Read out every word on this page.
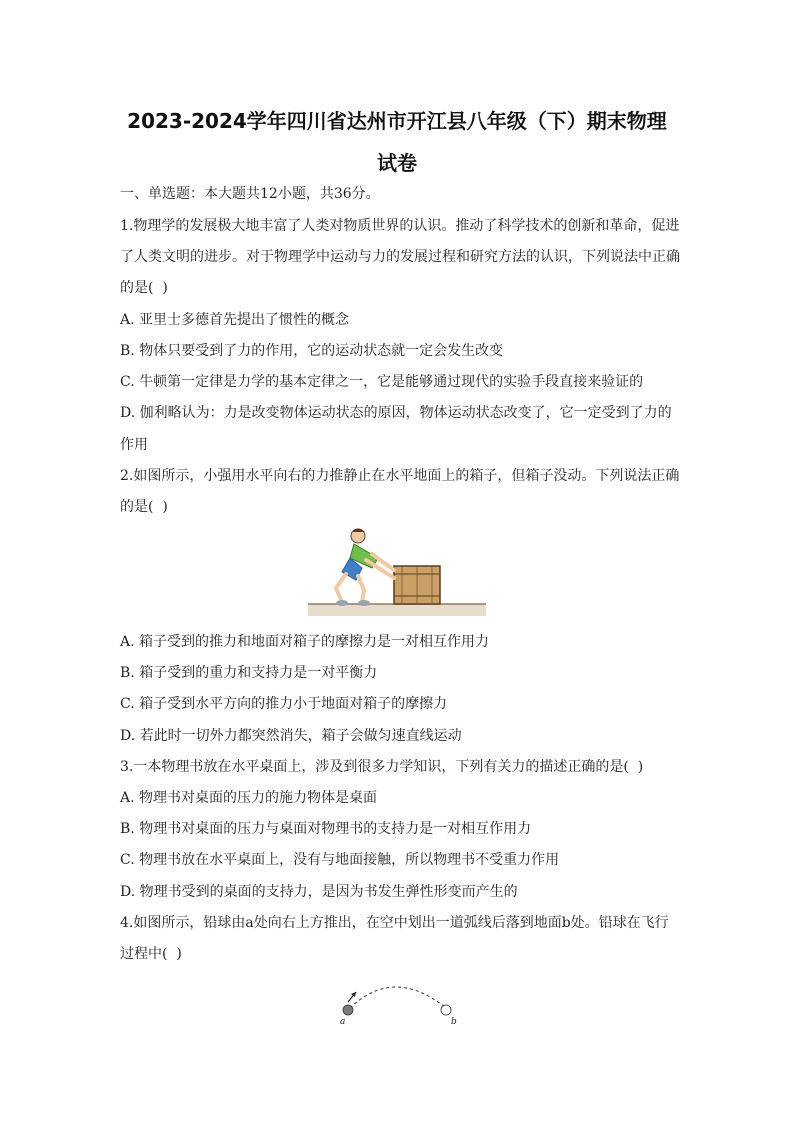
2023-2024学年四川省达州市开江县八年级（下）期末物理
试卷
一、单选题：本大题共12小题，共36分。
1.物理学的发展极大地丰富了人类对物质世界的认识。推动了科学技术的创新和革命，促进
了人类文明的进步。对于物理学中运动与力的发展过程和研究方法的认识，下列说法中正确
的是(  )
A. 亚里士多德首先提出了惯性的概念
B. 物体只要受到了力的作用，它的运动状态就一定会发生改变
C. 牛顿第一定律是力学的基本定律之一，它是能够通过现代的实验手段直接来验证的
D. 伽利略认为：力是改变物体运动状态的原因，物体运动状态改变了，它一定受到了力的
作用
2.如图所示，小强用水平向右的力推静止在水平地面上的箱子，但箱子没动。下列说法正确
的是(  )
A. 箱子受到的推力和地面对箱子的摩擦力是一对相互作用力
B. 箱子受到的重力和支持力是一对平衡力
C. 箱子受到水平方向的推力小于地面对箱子的摩擦力
D. 若此时一切外力都突然消失，箱子会做匀速直线运动
3.一本物理书放在水平桌面上，涉及到很多力学知识，下列有关力的描述正确的是(  )
A. 物理书对桌面的压力的施力物体是桌面
B. 物理书对桌面的压力与桌面对物理书的支持力是一对相互作用力
C. 物理书放在水平桌面上，没有与地面接触，所以物理书不受重力作用
D. 物理书受到的桌面的支持力，是因为书发生弹性形变而产生的
4.如图所示，铅球由a处向右上方推出，在空中划出一道弧线后落到地面b处。铅球在飞行
过程中(  )
a	b
